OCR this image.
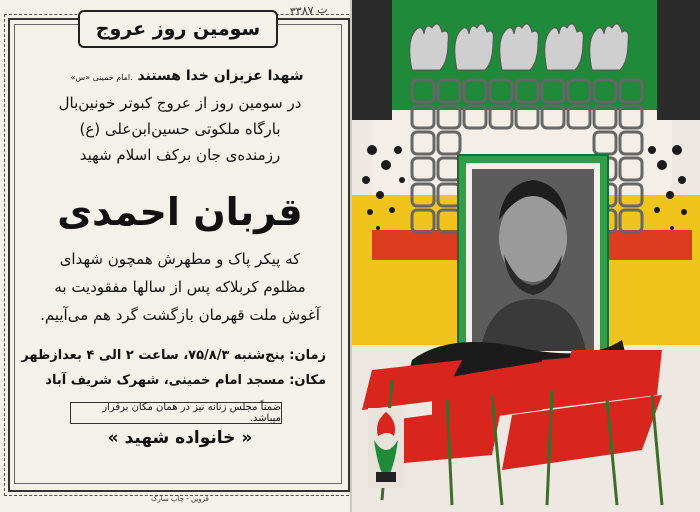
۳۳۸۷ ت
سومین روز عروج
شهدا عزیزان خدا هستند .امام خمینی «س»
در سومین روز از عروج کبوتر خونین‌بال
بارگاه ملکوتی حسین‌ابن‌علی (ع)
رزمنده‌ی جان برکف اسلام شهید
قربان احمدی
که پیکر پاک و مطهرش همچون شهدای
مظلوم کربلاکه پس از سالها مفقودیت به
آغوش ملت قهرمان بازگشت گرد هم می‌آییم.
زمان: پنج‌شنبه ۷۵/۸/۳، ساعت ۲ الی ۴ بعدازظهر
مکان: مسجد امام خمینی، شهرک شریف آباد
ضمناً مجلس زنانه نیز در همان مکان برقرار میباشد.
« خانواده شهید »
قزوین - چاپ سارک
